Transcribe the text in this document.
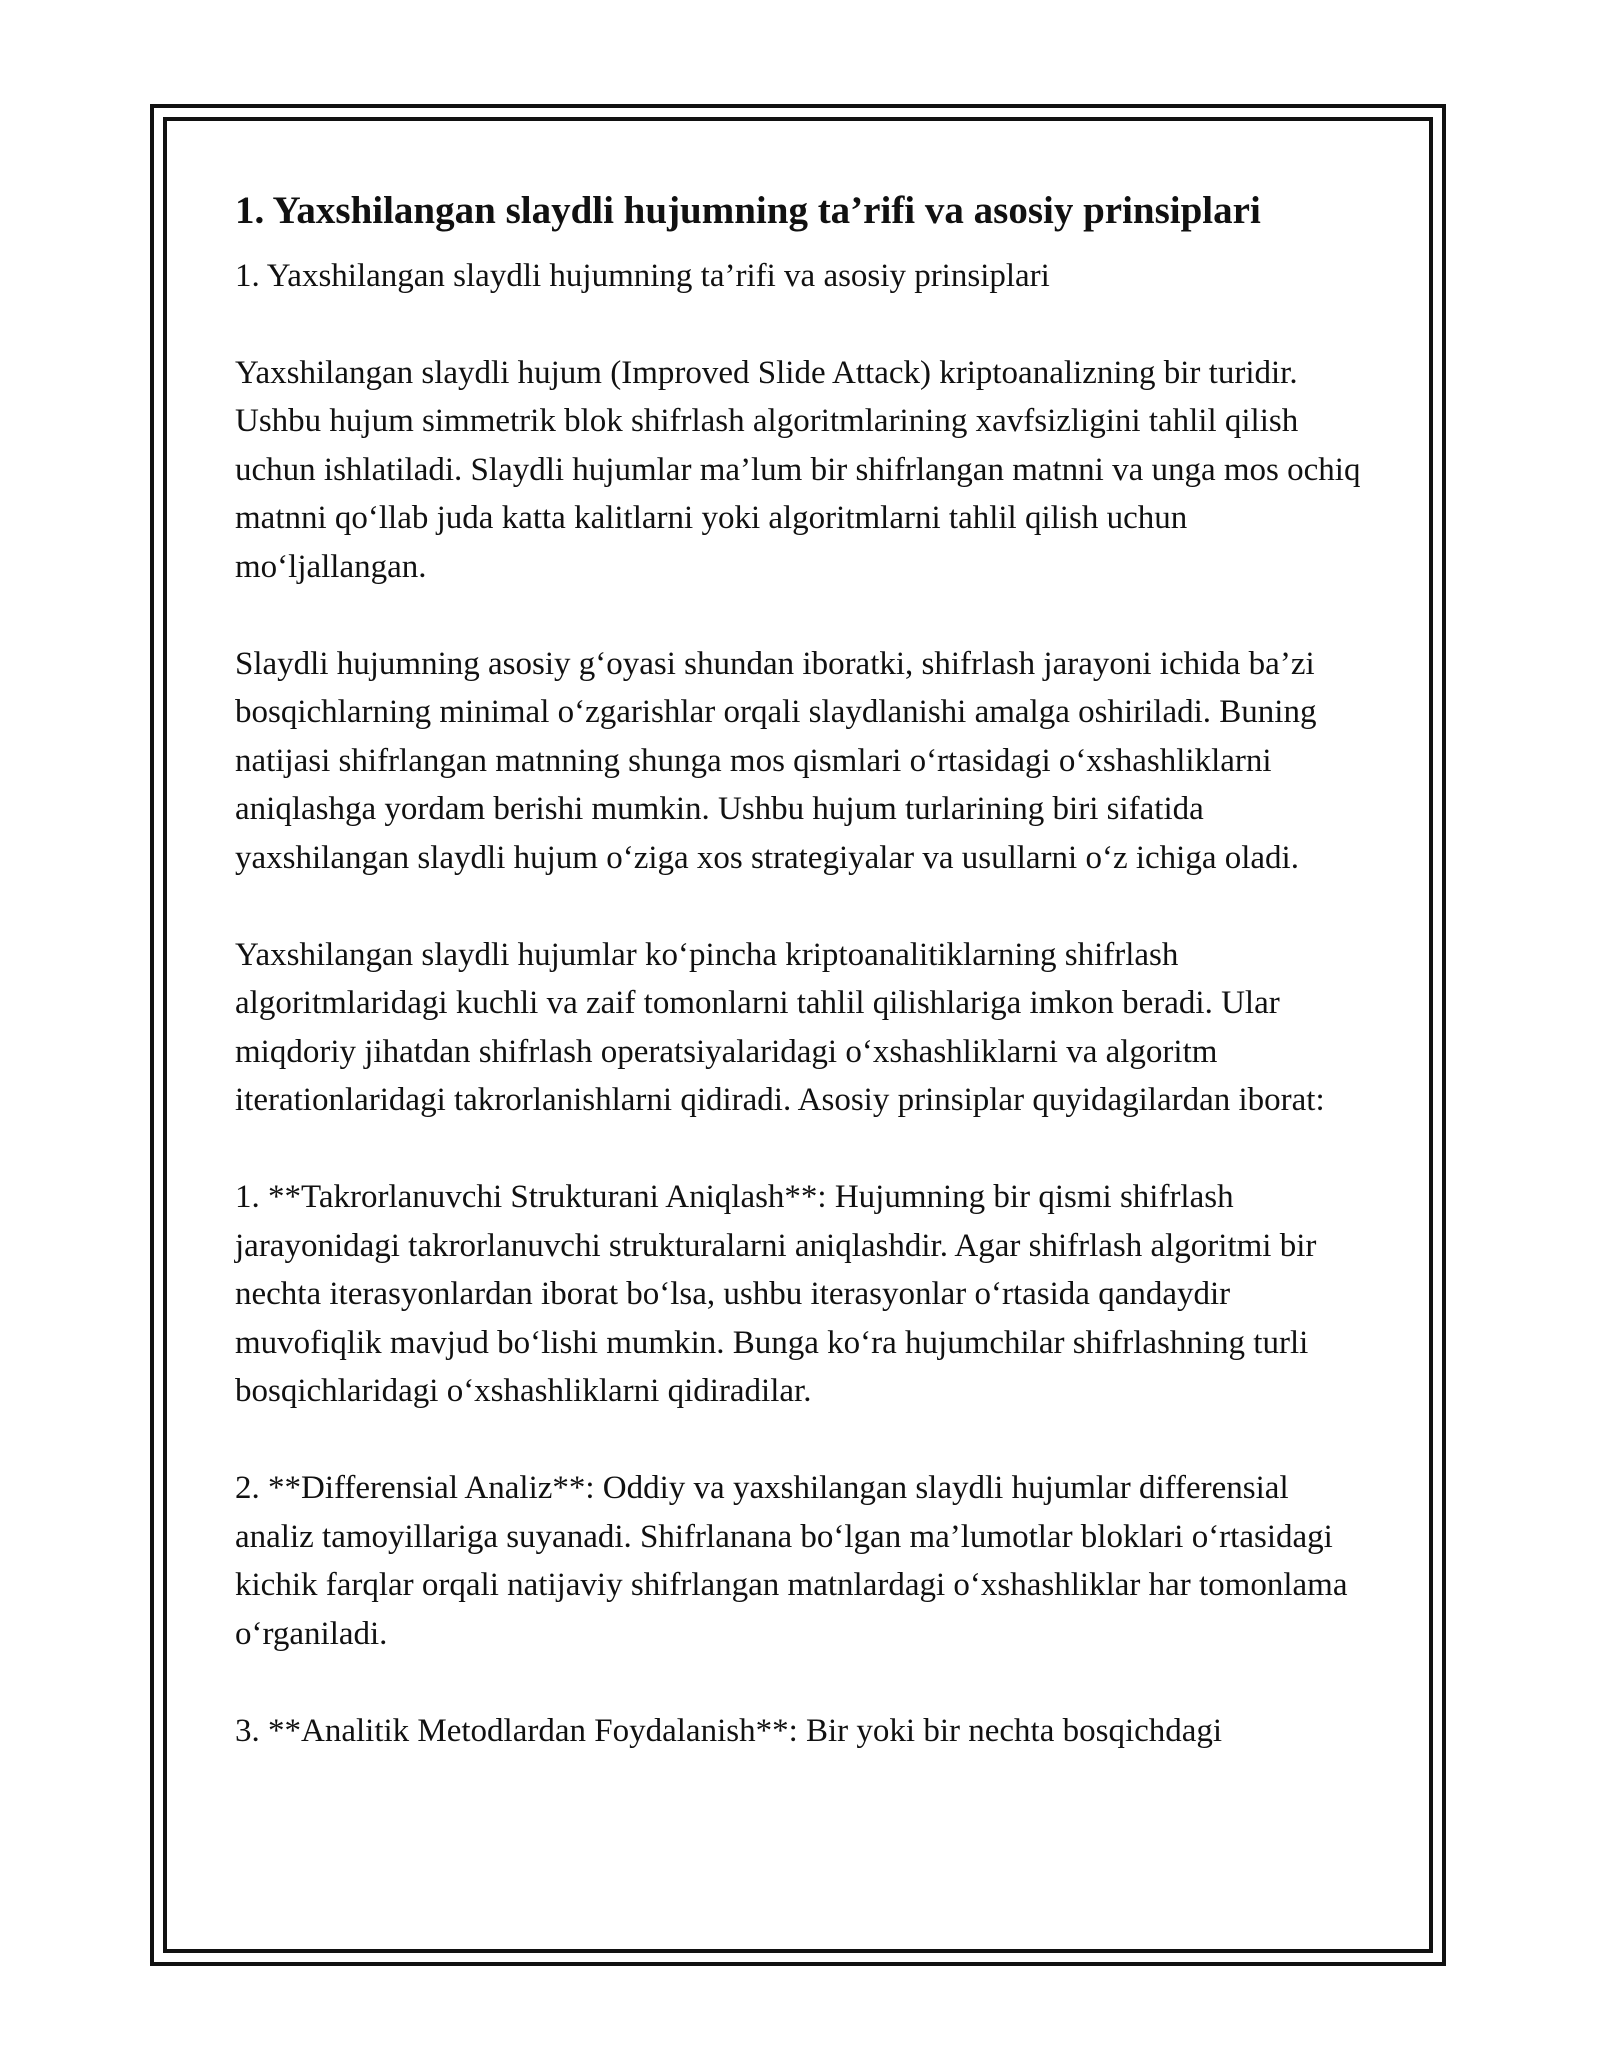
1. Yaxshilangan slaydli hujumning ta’rifi va asosiy prinsiplari

1. Yaxshilangan slaydli hujumning ta’rifi va asosiy prinsiplari

Yaxshilangan slaydli hujum (Improved Slide Attack) kriptoanalizning bir turidir. Ushbu hujum simmetrik blok shifrlash algoritmlarining xavfsizligini tahlil qilish uchun ishlatiladi. Slaydli hujumlar ma’lum bir shifrlangan matnni va unga mos ochiq matnni qo‘llab juda katta kalitlarni yoki algoritmlarni tahlil qilish uchun mo‘ljallangan.

Slaydli hujumning asosiy g‘oyasi shundan iboratki, shifrlash jarayoni ichida ba’zi bosqichlarning minimal o‘zgarishlar orqali slaydlanishi amalga oshiriladi. Buning natijasi shifrlangan matnning shunga mos qismlari o‘rtasidagi o‘xshashliklarni aniqlashga yordam berishi mumkin. Ushbu hujum turlarining biri sifatida yaxshilangan slaydli hujum o‘ziga xos strategiyalar va usullarni o‘z ichiga oladi.

Yaxshilangan slaydli hujumlar ko‘pincha kriptoanalitiklarning shifrlash algoritmlaridagi kuchli va zaif tomonlarni tahlil qilishlariga imkon beradi. Ular miqdoriy jihatdan shifrlash operatsiyalaridagi o‘xshashliklarni va algoritm iterationlaridagi takrorlanishlarni qidiradi. Asosiy prinsiplar quyidagilardan iborat:

1. **Takrorlanuvchi Strukturani Aniqlash**: Hujumning bir qismi shifrlash jarayonidagi takrorlanuvchi strukturalarni aniqlashdir. Agar shifrlash algoritmi bir nechta iterasyonlardan iborat bo‘lsa, ushbu iterasyonlar o‘rtasida qandaydir muvofiqlik mavjud bo‘lishi mumkin. Bunga ko‘ra hujumchilar shifrlashning turli bosqichlaridagi o‘xshashliklarni qidiradilar.

2. **Differensial Analiz**: Oddiy va yaxshilangan slaydli hujumlar differensial analiz tamoyillariga suyanadi. Shifrlanana bo‘lgan ma’lumotlar bloklari o‘rtasidagi kichik farqlar orqali natijaviy shifrlangan matnlardagi o‘xshashliklar har tomonlama o‘rganiladi.

3. **Analitik Metodlardan Foydalanish**: Bir yoki bir nechta bosqichdagi
